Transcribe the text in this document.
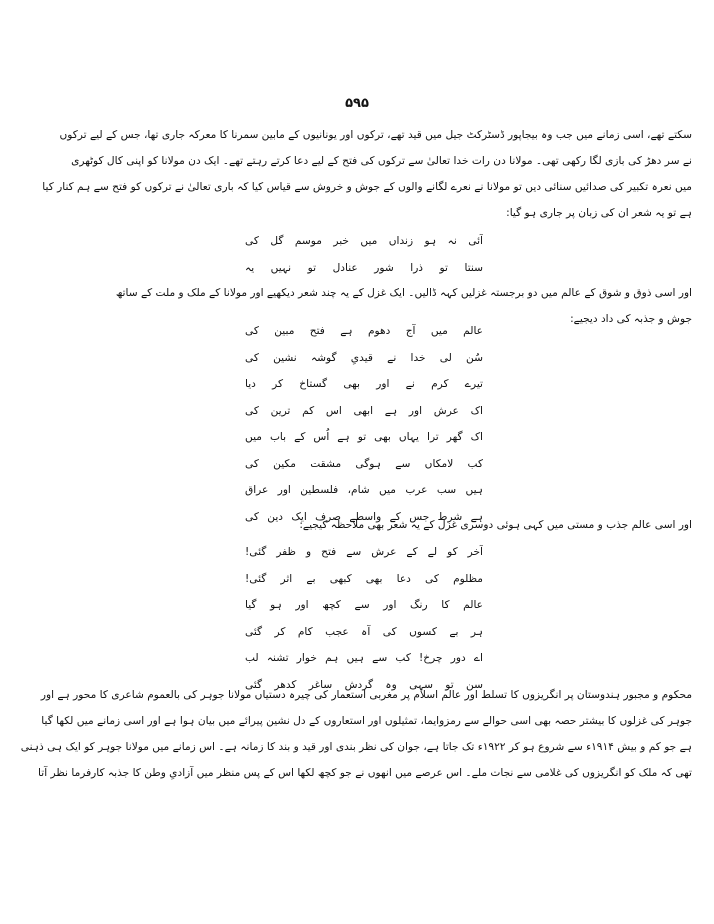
۵۹۵
سکتے تھے، اسی زمانے میں جب وہ بیجاپور ڈسٹرکٹ جیل میں قید تھے، ترکوں اور یونانیوں کے مابین سمرنا کا معرکہ جاری تھا، جس کے لیے ترکوں
نے سر دھڑ کی بازی لگا رکھی تھی۔ مولانا دن رات خدا تعالیٰ سے ترکوں کی فتح کے لیے دعا کرتے رہتے تھے۔ ایک دن مولانا کو اپنی کال کوٹھری
میں نعرہ تکبیر کی صدائیں سنائی دیں تو مولانا نے نعرے لگانے والوں کے جوش و خروش سے قیاس کیا کہ باری تعالیٰ نے ترکوں کو فتح سے ہم کنار کیا
ہے تو یہ شعر ان کی زبان پر جاری ہو گیا:
آئی نہ ہو زنداں میں خبر موسم گل کی
سنتا تو ذرا شور عنادل تو نہیں یہ
اور اسی ذوق و شوق کے عالم میں دو برجستہ غزلیں کہہ ڈالیں۔ ایک غزل کے یہ چند شعر دیکھیے اور مولانا کے ملک و ملت کے ساتھ
جوش و جذبہ کی داد دیجیے:
عالم میں آج دھوم ہے فتح مبین کی
سُن لی خدا نے قیدیِ گوشہ نشین کی
تیرے کرم نے اور بھی گستاخ کر دیا
اک عرش اور ہے ابھی اس کم ترین کی
اک گھر ترا یہاں بھی تو ہے اُس کے باب میں
کب لامکاں سے ہوگی مشقت مکین کی
ہیں سب عرب میں شام، فلسطین اور عراق
ہے شرط جس کے واسطے صرف ایک دین کی
اور اسی عالم جذب و مستی میں کہی ہوئی دوسری غزل کے یہ شعر بھی ملاحظہ کیجیے:
آخر کو لے کے عرش سے فتح و ظفر گئی!
مظلوم کی دعا بھی کبھی بے اثر گئی!
عالم کا رنگ اور سے کچھ اور ہو گیا
ہر بے کسوں کی آہ عجب کام کر گئی
اے دور چرخ! کب سے ہیں ہم خوار تشنہ لب
سن تو سہی وہ گردش ساغر کدھر گئی
محکوم و مجبور ہندوستان پر انگریزوں کا تسلط اور عالم اسلام پر مغربی استعمار کی چیرہ دستیاں مولانا جوہر کی بالعموم شاعری کا محور ہے اور
جوہر کی غزلوں کا بیشتر حصہ بھی اسی حوالے سے رمزوایما، تمثیلوں اور استعاروں کے دل نشین پیرائے میں بیان ہوا ہے اور اسی زمانے میں لکھا گیا
ہے جو کم و بیش ۱۹۱۴ء سے شروع ہو کر ۱۹۲۲ء تک جاتا ہے، جوان کی نظر بندی اور قید و بند کا زمانہ ہے۔ اس زمانے میں مولانا جوہر کو ایک ہی ذہنی
تھی کہ ملک کو انگریزوں کی غلامی سے نجات ملے۔ اس عرصے میں انھوں نے جو کچھ لکھا اس کے پس منظر میں آزادیِ وطن کا جذبہ کارفرما نظر آتا
